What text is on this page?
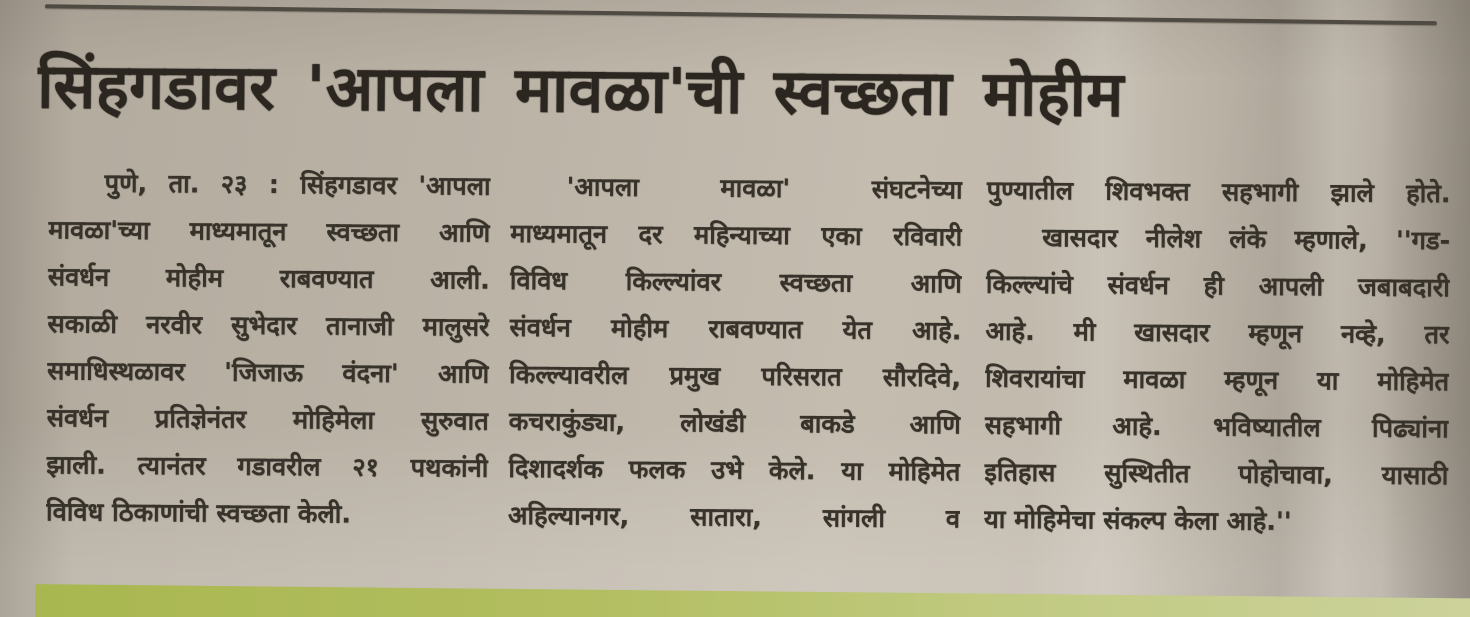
सिंहगडावर 'आपला मावळा'ची स्वच्छता मोहीम
पुणे, ता. २३ : सिंहगडावर 'आपला
मावळा'च्या माध्यमातून स्वच्छता आणि
संवर्धन मोहीम राबवण्यात आली.
सकाळी नरवीर सुभेदार तानाजी मालुसरे
समाधिस्थळावर 'जिजाऊ वंदना' आणि
संवर्धन प्रतिज्ञेनंतर मोहिमेला सुरुवात
झाली. त्यानंतर गडावरील २१ पथकांनी
विविध ठिकाणांची स्वच्छता केली.
'आपला मावळा' संघटनेच्या
माध्यमातून दर महिन्याच्या एका रविवारी
विविध किल्ल्यांवर स्वच्छता आणि
संवर्धन मोहीम राबवण्यात येत आहे.
किल्ल्यावरील प्रमुख परिसरात सौरदिवे,
कचराकुंड्या, लोखंडी बाकडे आणि
दिशादर्शक फलक उभे केले. या मोहिमेत
अहिल्यानगर, सातारा, सांगली व
पुण्यातील शिवभक्त सहभागी झाले होते.
खासदार नीलेश लंके म्हणाले, ''गड-
किल्ल्यांचे संवर्धन ही आपली जबाबदारी
आहे. मी खासदार म्हणून नव्हे, तर
शिवरायांचा मावळा म्हणून या मोहिमेत
सहभागी आहे. भविष्यातील पिढ्यांना
इतिहास सुस्थितीत पोहोचावा, यासाठी
या मोहिमेचा संकल्प केला आहे.''
